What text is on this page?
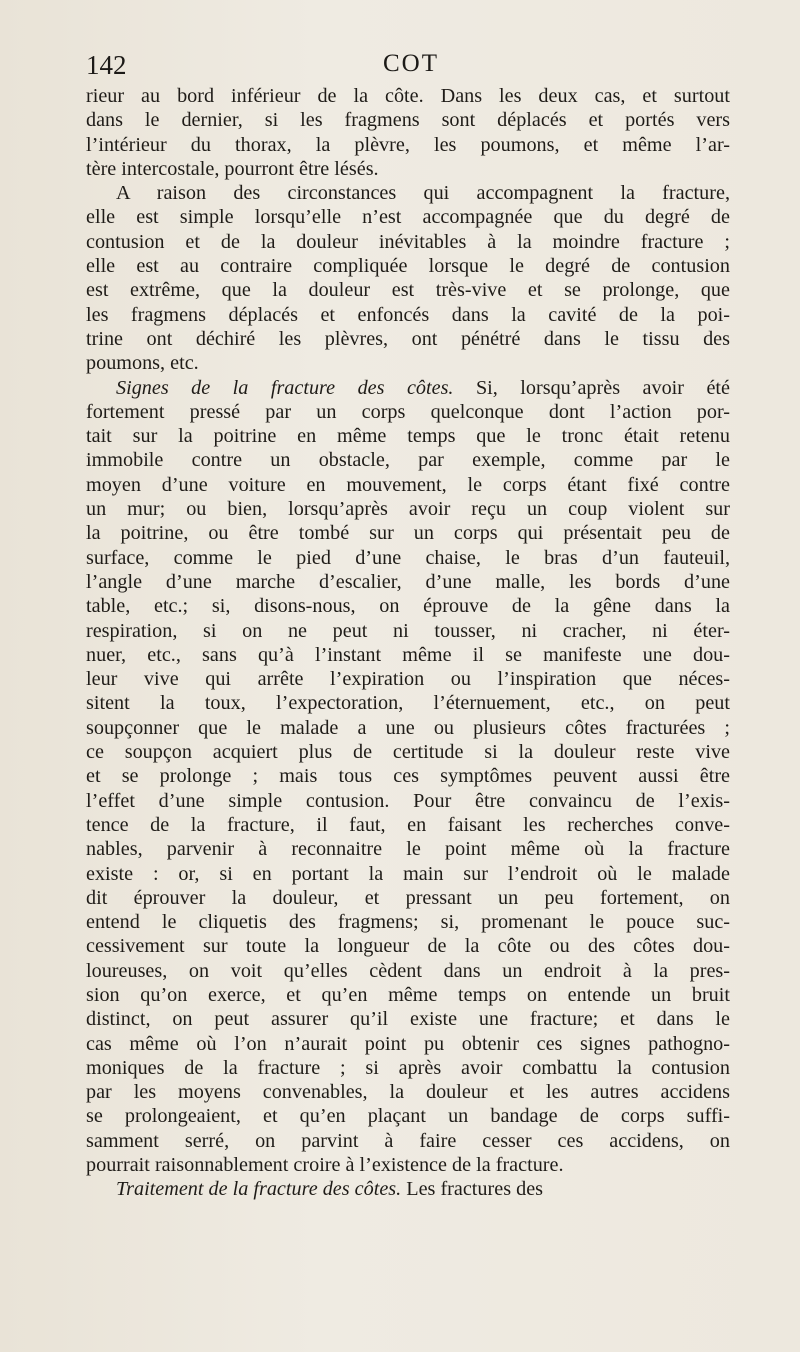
142	COT
rieur au bord inférieur de la côte. Dans les deux cas, et surtout
dans le dernier, si les fragmens sont déplacés et portés vers
l’intérieur du thorax, la plèvre, les poumons, et même l’ar-
tère intercostale, pourront être lésés.
A raison des circonstances qui accompagnent la fracture,
elle est simple lorsqu’elle n’est accompagnée que du degré de
contusion et de la douleur inévitables à la moindre fracture ;
elle est au contraire compliquée lorsque le degré de contusion
est extrême, que la douleur est très-vive et se prolonge, que
les fragmens déplacés et enfoncés dans la cavité de la poi-
trine ont déchiré les plèvres, ont pénétré dans le tissu des
poumons, etc.
Signes de la fracture des côtes. Si, lorsqu’après avoir été
fortement pressé par un corps quelconque dont l’action por-
tait sur la poitrine en même temps que le tronc était retenu
immobile contre un obstacle, par exemple, comme par le
moyen d’une voiture en mouvement, le corps étant fixé contre
un mur; ou bien, lorsqu’après avoir reçu un coup violent sur
la poitrine, ou être tombé sur un corps qui présentait peu de
surface, comme le pied d’une chaise, le bras d’un fauteuil,
l’angle d’une marche d’escalier, d’une malle, les bords d’une
table, etc.; si, disons-nous, on éprouve de la gêne dans la
respiration, si on ne peut ni tousser, ni cracher, ni éter-
nuer, etc., sans qu’à l’instant même il se manifeste une dou-
leur vive qui arrête l’expiration ou l’inspiration que néces-
sitent la toux, l’expectoration, l’éternuement, etc., on peut
soupçonner que le malade a une ou plusieurs côtes fracturées ;
ce soupçon acquiert plus de certitude si la douleur reste vive
et se prolonge ; mais tous ces symptômes peuvent aussi être
l’effet d’une simple contusion. Pour être convaincu de l’exis-
tence de la fracture, il faut, en faisant les recherches conve-
nables, parvenir à reconnaitre le point même où la fracture
existe : or, si en portant la main sur l’endroit où le malade
dit éprouver la douleur, et pressant un peu fortement, on
entend le cliquetis des fragmens; si, promenant le pouce suc-
cessivement sur toute la longueur de la côte ou des côtes dou-
loureuses, on voit qu’elles cèdent dans un endroit à la pres-
sion qu’on exerce, et qu’en même temps on entende un bruit
distinct, on peut assurer qu’il existe une fracture; et dans le
cas même où l’on n’aurait point pu obtenir ces signes pathogno-
moniques de la fracture ; si après avoir combattu la contusion
par les moyens convenables, la douleur et les autres accidens
se prolongeaient, et qu’en plaçant un bandage de corps suffi-
samment serré, on parvint à faire cesser ces accidens, on
pourrait raisonnablement croire à l’existence de la fracture.
Traitement de la fracture des côtes. Les fractures des
